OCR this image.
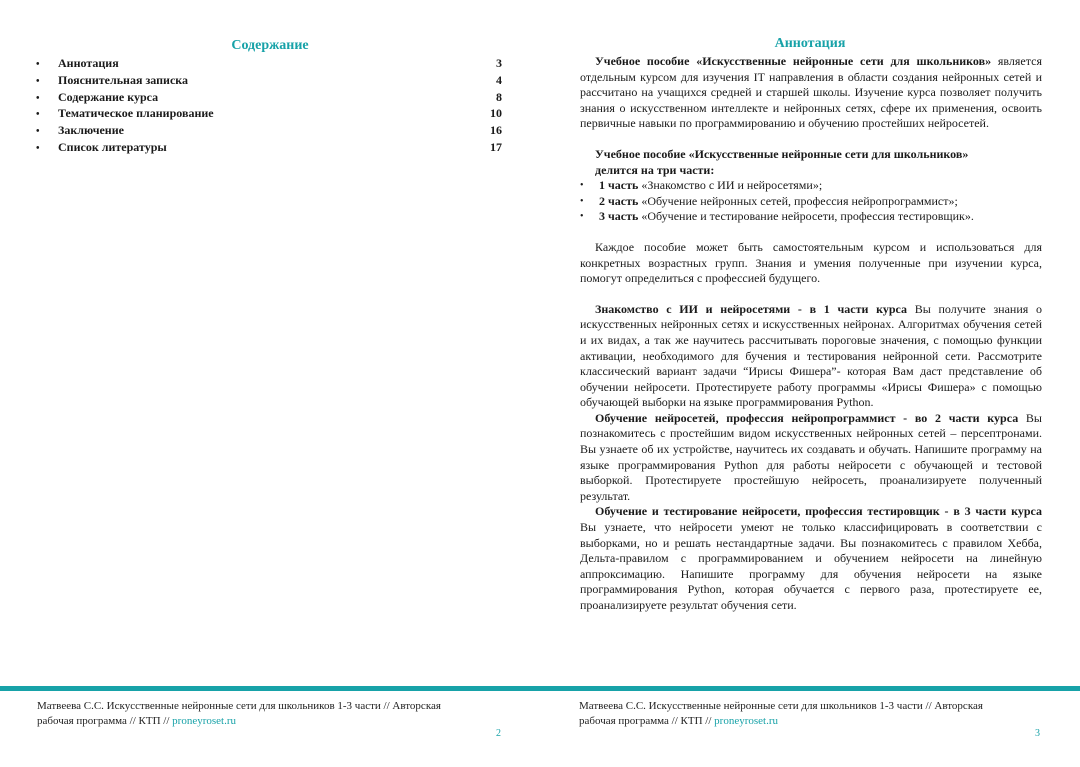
Содержание
•	Аннотация	3
•	Пояснительная записка	4
•	Содержание курса	8
•	Тематическое планирование	10
•	Заключение	16
•	Список литературы	17
Аннотация

Учебное пособие «Искусственные нейронные сети для школьников» является отдельным курсом для изучения IT направления в области создания нейронных сетей и рассчитано на учащихся средней и старшей школы. Изучение курса позволяет получить знания о искусственном интеллекте и нейронных сетях, сфере их применения, освоить первичные навыки по программированию и обучению простейших нейросетей.

Учебное пособие «Искусственные нейронные сети для школьников»
делится на три части:
•	1 часть «Знакомство с ИИ и нейросетями»;
•	2 часть «Обучение нейронных сетей, профессия нейропрограммист»;
•	3 часть «Обучение и тестирование нейросети, профессия тестировщик».

Каждое пособие может быть самостоятельным курсом и использоваться для конкретных возрастных групп. Знания и умения полученные при изучении курса, помогут определиться с профессией будущего.

Знакомство с ИИ и нейросетями - в 1 части курса Вы получите знания о искусственных нейронных сетях и искусственных нейронах. Алгоритмах обучения сетей и их видах, а так же научитесь рассчитывать пороговые значения, с помощью функции активации, необходимого для бучения и тестирования нейронной сети. Рассмотрите классический вариант задачи “Ирисы Фишера”- которая Вам даст представление об обучении нейросети. Протестируете работу программы «Ирисы Фишера» с помощью обучающей выборки на языке программирования Python.

Обучение нейросетей, профессия нейропрограммист - во 2 части курса Вы познакомитесь с простейшим видом искусственных нейронных сетей – персептронами. Вы узнаете об их устройстве, научитесь их создавать и обучать. Напишите программу на языке программирования Python для работы нейросети с обучающей и тестовой выборкой. Протестируете простейшую нейросеть, проанализируете полученный результат.

Обучение и тестирование нейросети, профессия тестировщик - в 3 части курса Вы узнаете, что нейросети умеют не только классифицировать в соответствии с выборками, но и решать нестандартные задачи. Вы познакомитесь с правилом Хебба, Дельта-правилом с программированием и обучением нейросети на линейную аппроксимацию. Напишите программу для обучения нейросети на языке программирования Python, которая обучается с первого раза, протестируете ее, проанализируете результат обучения сети.

Матвеева С.С. Искусственные нейронные сети для школьников 1-3 части // Авторская
рабочая программа // КТП // proneyroset.ru
2
Матвеева С.С. Искусственные нейронные сети для школьников 1-3 части // Авторская
рабочая программа // КТП // proneyroset.ru
3
